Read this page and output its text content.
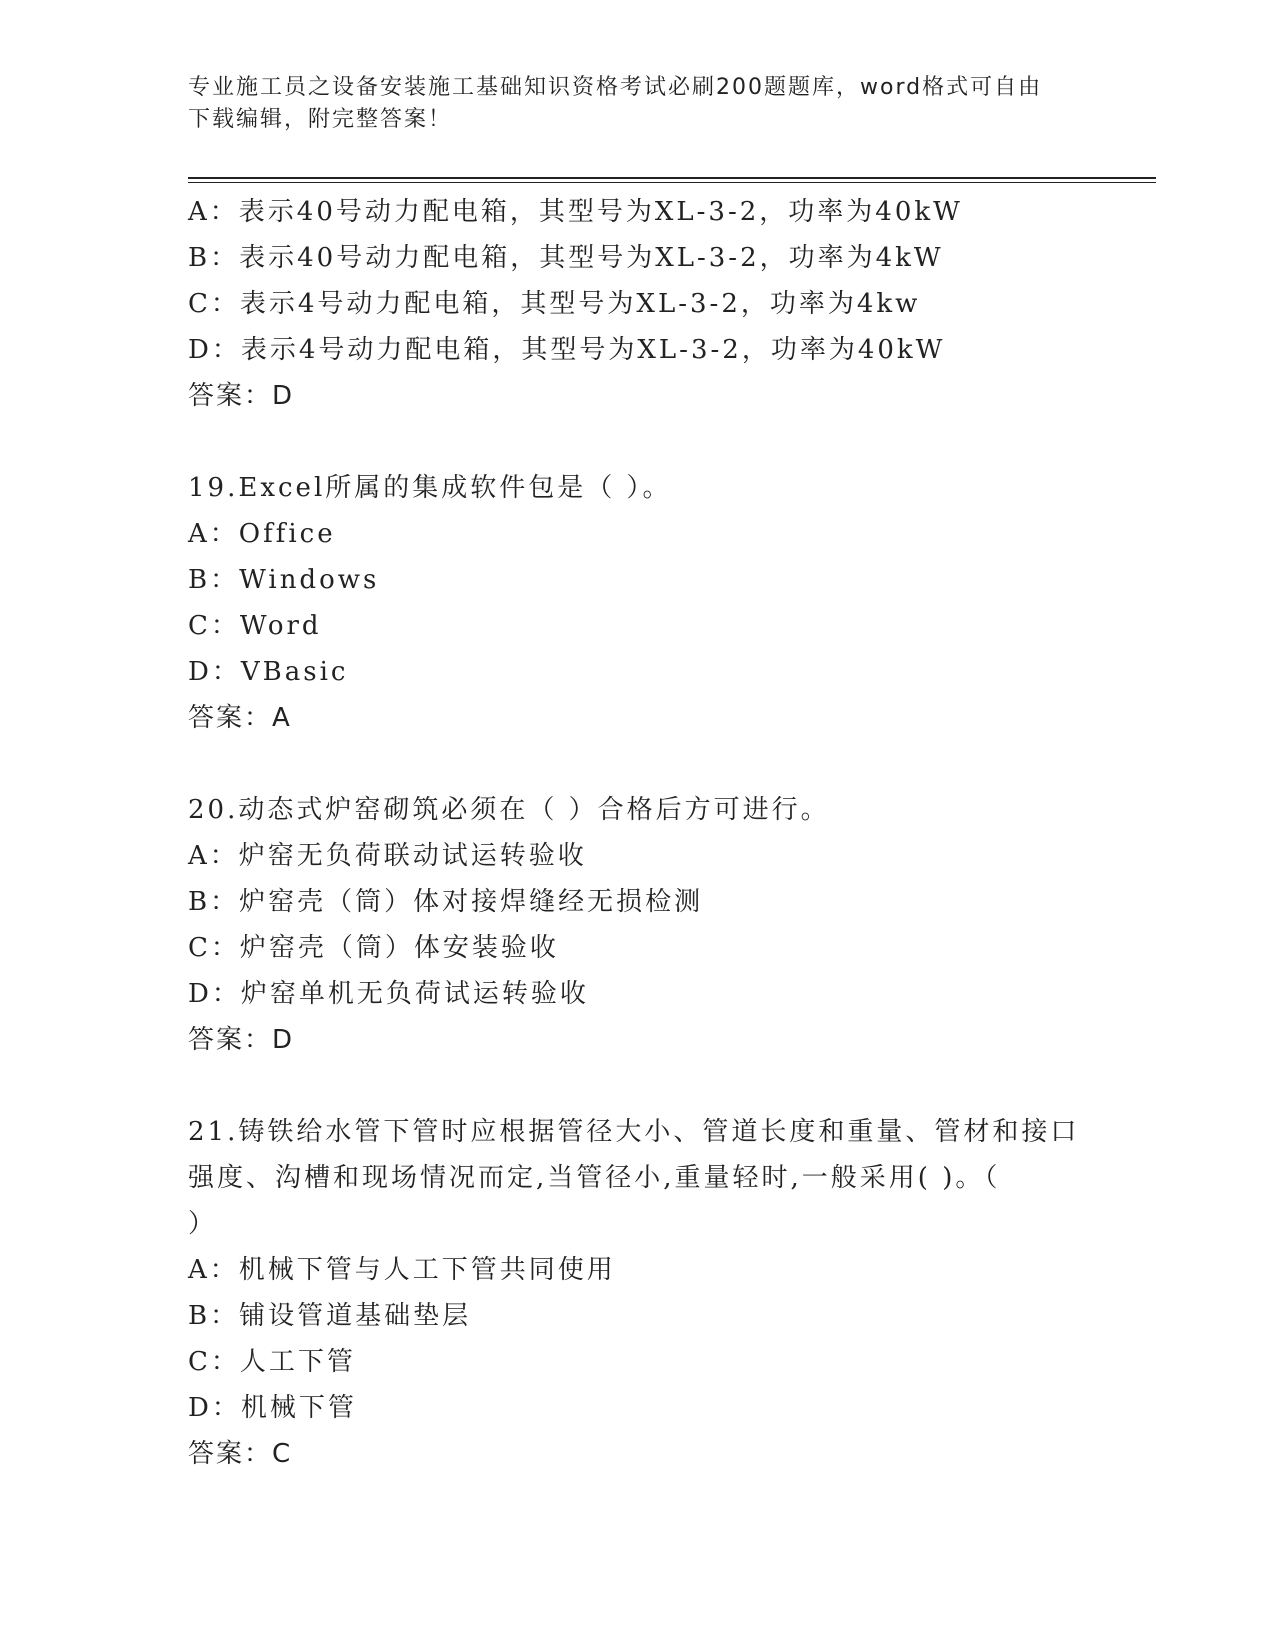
专业施工员之设备安装施工基础知识资格考试必刷200题题库，word格式可自由
下载编辑，附完整答案！
A：表示40号动力配电箱，其型号为XL-3-2，功率为40kW
B：表示40号动力配电箱，其型号为XL-3-2，功率为4kW
C：表示4号动力配电箱，其型号为XL-3-2，功率为4kw
D：表示4号动力配电箱，其型号为XL-3-2，功率为40kW
答案：D
19.Excel所属的集成软件包是（ ）。
A：Office
B：Windows
C：Word
D：VBasic
答案：A
20.动态式炉窑砌筑必须在（ ）合格后方可进行。
A：炉窑无负荷联动试运转验收
B：炉窑壳（筒）体对接焊缝经无损检测
C：炉窑壳（筒）体安装验收
D：炉窑单机无负荷试运转验收
答案：D
21.铸铁给水管下管时应根据管径大小、管道长度和重量、管材和接口
强度、沟槽和现场情况而定,当管径小,重量轻时,一般采用( )。（
）
A：机械下管与人工下管共同使用
B：铺设管道基础垫层
C：人工下管
D：机械下管
答案：C
